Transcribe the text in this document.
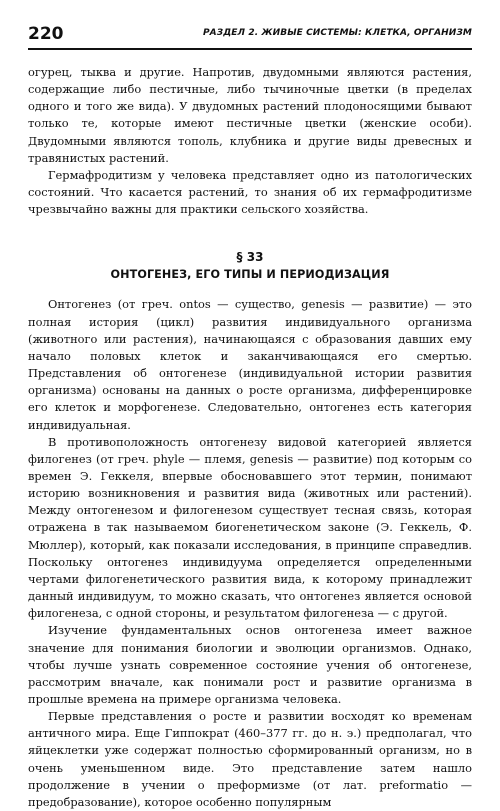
220	РАЗДЕЛ 2. ЖИВЫЕ СИСТЕМЫ: КЛЕТКА, ОРГАНИЗМ

огурец, тыква и другие. Напротив, двудомными являются растения, содержащие либо пестичные, либо тычиночные цветки (в пределах одного и того же вида). У двудомных растений плодоносящими бывают только те, которые имеют пестичные цветки (женские особи). Двудомными являются тополь, клубника и другие виды древесных и травянистых растений.

Гермафродитизм у человека представляет одно из патологических состояний. Что касается растений, то знания об их гермафродитизме чрезвычайно важны для практики сельского хозяйства.

§ 33
ОНТОГЕНЕЗ, ЕГО ТИПЫ И ПЕРИОДИЗАЦИЯ

Онтогенез (от греч. ontos — существо, genesis — развитие) — это полная история (цикл) развития индивидуального организма (животного или растения), начинающаяся с образования давших ему начало половых клеток и заканчивающаяся его смертью. Представления об онтогенезе (индивидуальной истории развития организма) основаны на данных о росте организма, дифференцировке его клеток и морфогенезе. Следовательно, онтогенез есть категория индивидуальная.

В противоположность онтогенезу видовой категорией является филогенез (от греч. phyle — племя, genesis — развитие) под которым со времен Э. Геккеля, впервые обосновавшего этот термин, понимают историю возникновения и развития вида (животных или растений). Между онтогенезом и филогенезом существует тесная связь, которая отражена в так называемом биогенетическом законе (Э. Геккель, Ф. Мюллер), который, как показали исследования, в принципе справедлив. Поскольку онтогенез индивидуума определяется определенными чертами филогенетического развития вида, к которому принадлежит данный индивидуум, то можно сказать, что онтогенез является основой филогенеза, с одной стороны, и результатом филогенеза — с другой.

Изучение фундаментальных основ онтогенеза имеет важное значение для понимания биологии и эволюции организмов. Однако, чтобы лучше узнать современное состояние учения об онтогенезе, рассмотрим вначале, как понимали рост и развитие организма в прошлые времена на примере организма человека.

Первые представления о росте и развитии восходят ко временам античного мира. Еще Гиппократ (460–377 гг. до н. э.) предполагал, что яйцеклетки уже содержат полностью сформированный организм, но в очень уменьшенном виде. Это представление затем нашло продолжение в учении о преформизме (от лат. preformatio — предобразование), которое особенно популярным
